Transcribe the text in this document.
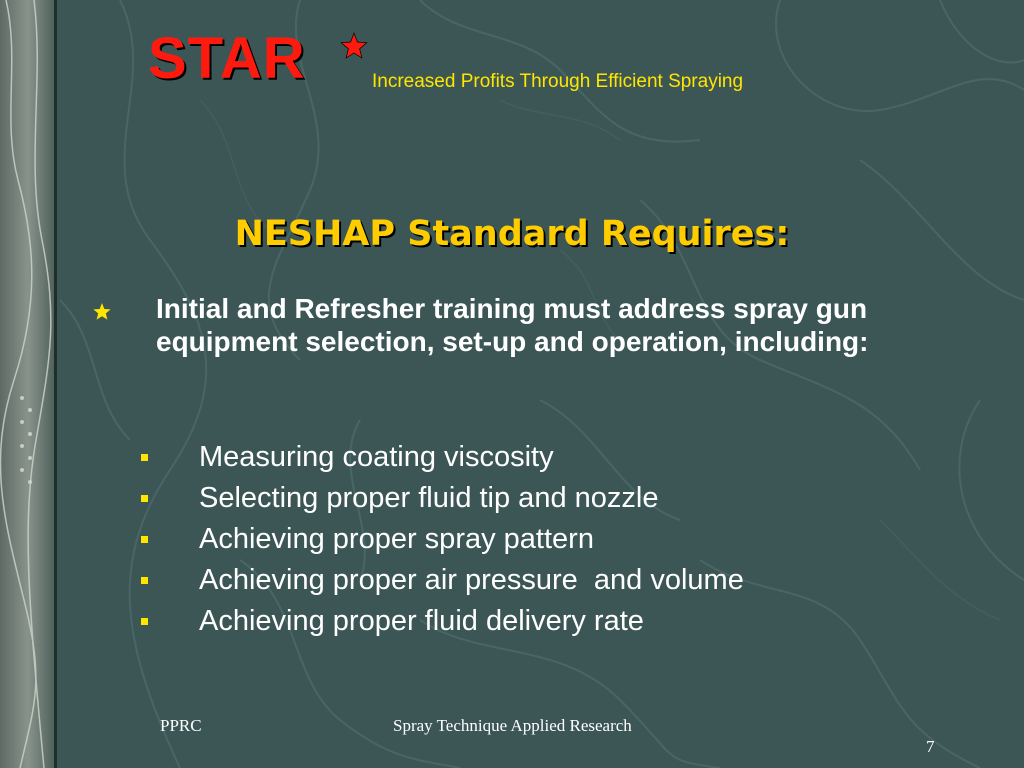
STAR	Increased Profits Through Efficient Spraying
NESHAP Standard Requires:
Initial and Refresher training must address spray gun equipment selection, set-up and operation, including:
Measuring coating viscosity
Selecting proper fluid tip and nozzle
Achieving proper spray pattern
Achieving proper air pressure  and volume
Achieving proper fluid delivery rate
PPRC	Spray Technique Applied Research
7
